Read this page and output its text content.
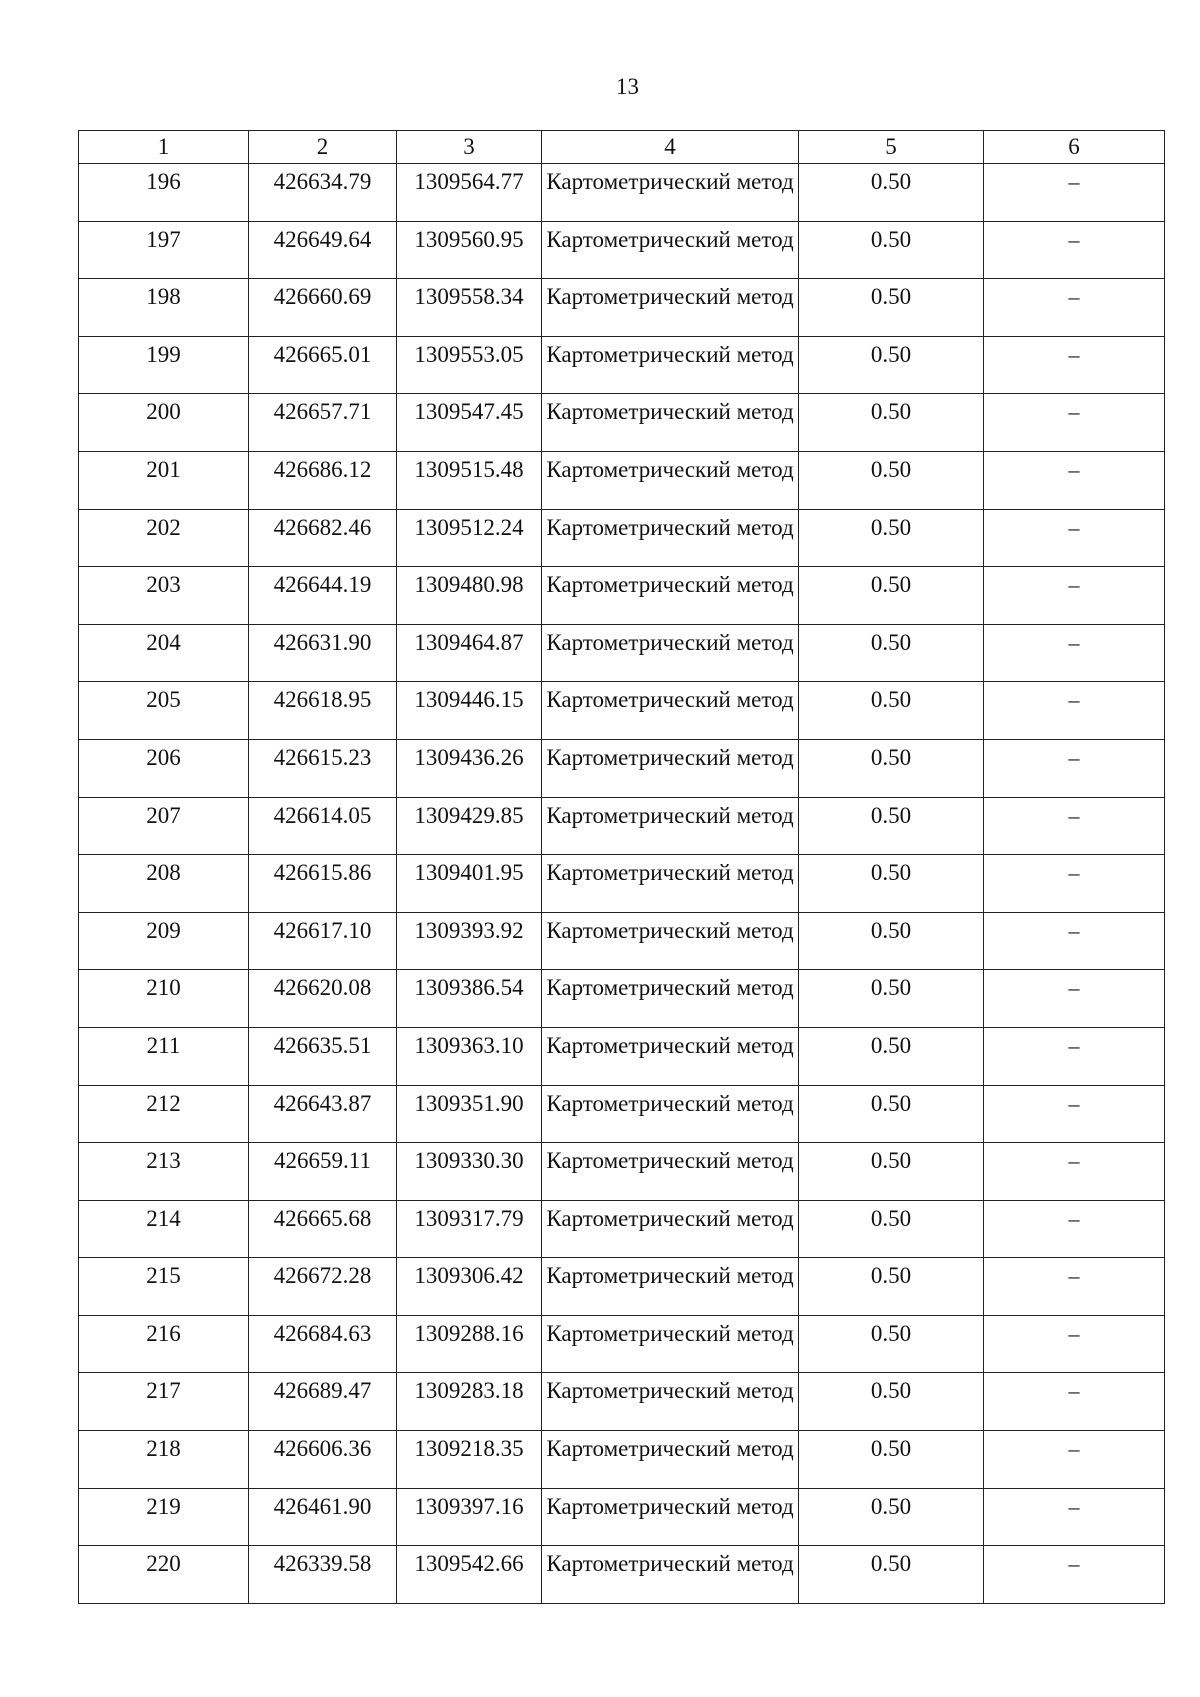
13
1	2	3	4	5	6
196	426634.79	1309564.77	Картометрический метод	0.50	–
197	426649.64	1309560.95	Картометрический метод	0.50	–
198	426660.69	1309558.34	Картометрический метод	0.50	–
199	426665.01	1309553.05	Картометрический метод	0.50	–
200	426657.71	1309547.45	Картометрический метод	0.50	–
201	426686.12	1309515.48	Картометрический метод	0.50	–
202	426682.46	1309512.24	Картометрический метод	0.50	–
203	426644.19	1309480.98	Картометрический метод	0.50	–
204	426631.90	1309464.87	Картометрический метод	0.50	–
205	426618.95	1309446.15	Картометрический метод	0.50	–
206	426615.23	1309436.26	Картометрический метод	0.50	–
207	426614.05	1309429.85	Картометрический метод	0.50	–
208	426615.86	1309401.95	Картометрический метод	0.50	–
209	426617.10	1309393.92	Картометрический метод	0.50	–
210	426620.08	1309386.54	Картометрический метод	0.50	–
211	426635.51	1309363.10	Картометрический метод	0.50	–
212	426643.87	1309351.90	Картометрический метод	0.50	–
213	426659.11	1309330.30	Картометрический метод	0.50	–
214	426665.68	1309317.79	Картометрический метод	0.50	–
215	426672.28	1309306.42	Картометрический метод	0.50	–
216	426684.63	1309288.16	Картометрический метод	0.50	–
217	426689.47	1309283.18	Картометрический метод	0.50	–
218	426606.36	1309218.35	Картометрический метод	0.50	–
219	426461.90	1309397.16	Картометрический метод	0.50	–
220	426339.58	1309542.66	Картометрический метод	0.50	–
